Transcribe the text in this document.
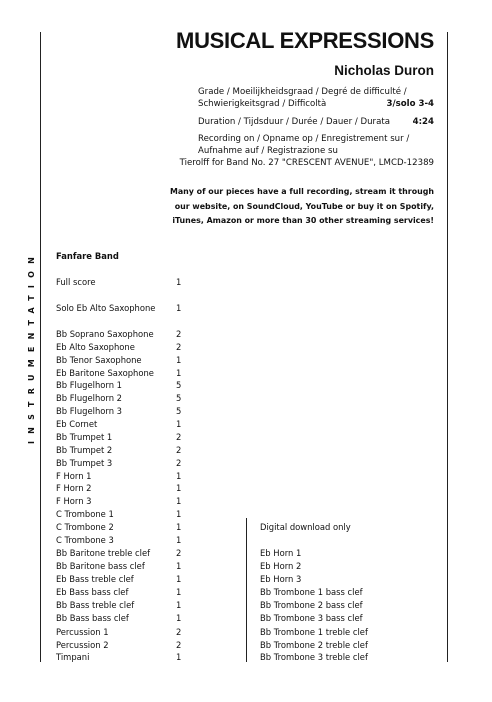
INSTRUMENTATION
MUSICAL EXPRESSIONS
Nicholas Duron
Grade / Moeilijkheidsgraad / Degré de difficulté /
Schwierigkeitsgrad / Difficoltà	3/solo 3-4
Duration / Tijdsduur / Durée / Dauer / Durata	4:24
Recording on / Opname op / Enregistrement sur /
Aufnahme auf / Registrazione su
Tierolff for Band No. 27 "CRESCENT AVENUE", LMCD-12389
Many of our pieces have a full recording, stream it through
our website, on SoundCloud, YouTube or buy it on Spotify,
iTunes, Amazon or more than 30 other streaming services!
Fanfare Band
Full score	1
Solo Eb Alto Saxophone 1
Bb Soprano Saxophone	2
Eb Alto Saxophone	2
Bb Tenor Saxophone	1
Eb Baritone Saxophone	1
Bb Flugelhorn 1	5
Bb Flugelhorn 2	5
Bb Flugelhorn 3	5
Eb Cornet	1
Bb Trumpet 1	2
Bb Trumpet 2	2
Bb Trumpet 3	2
F Horn 1	1
F Horn 2	1
F Horn 3	1
C Trombone 1	1
C Trombone 2	1
C Trombone 3	1
Bb Baritone treble clef	2
Bb Baritone bass clef	1
Eb Bass treble clef	1
Eb Bass bass clef	1
Bb Bass treble clef	1
Bb Bass bass clef	1
Percussion 1	2
Percussion 2	2
Timpani	1
Digital download only
Eb Horn 1
Eb Horn 2
Eb Horn 3
Bb Trombone 1 bass clef
Bb Trombone 2 bass clef
Bb Trombone 3 bass clef
Bb Trombone 1 treble clef
Bb Trombone 2 treble clef
Bb Trombone 3 treble clef
